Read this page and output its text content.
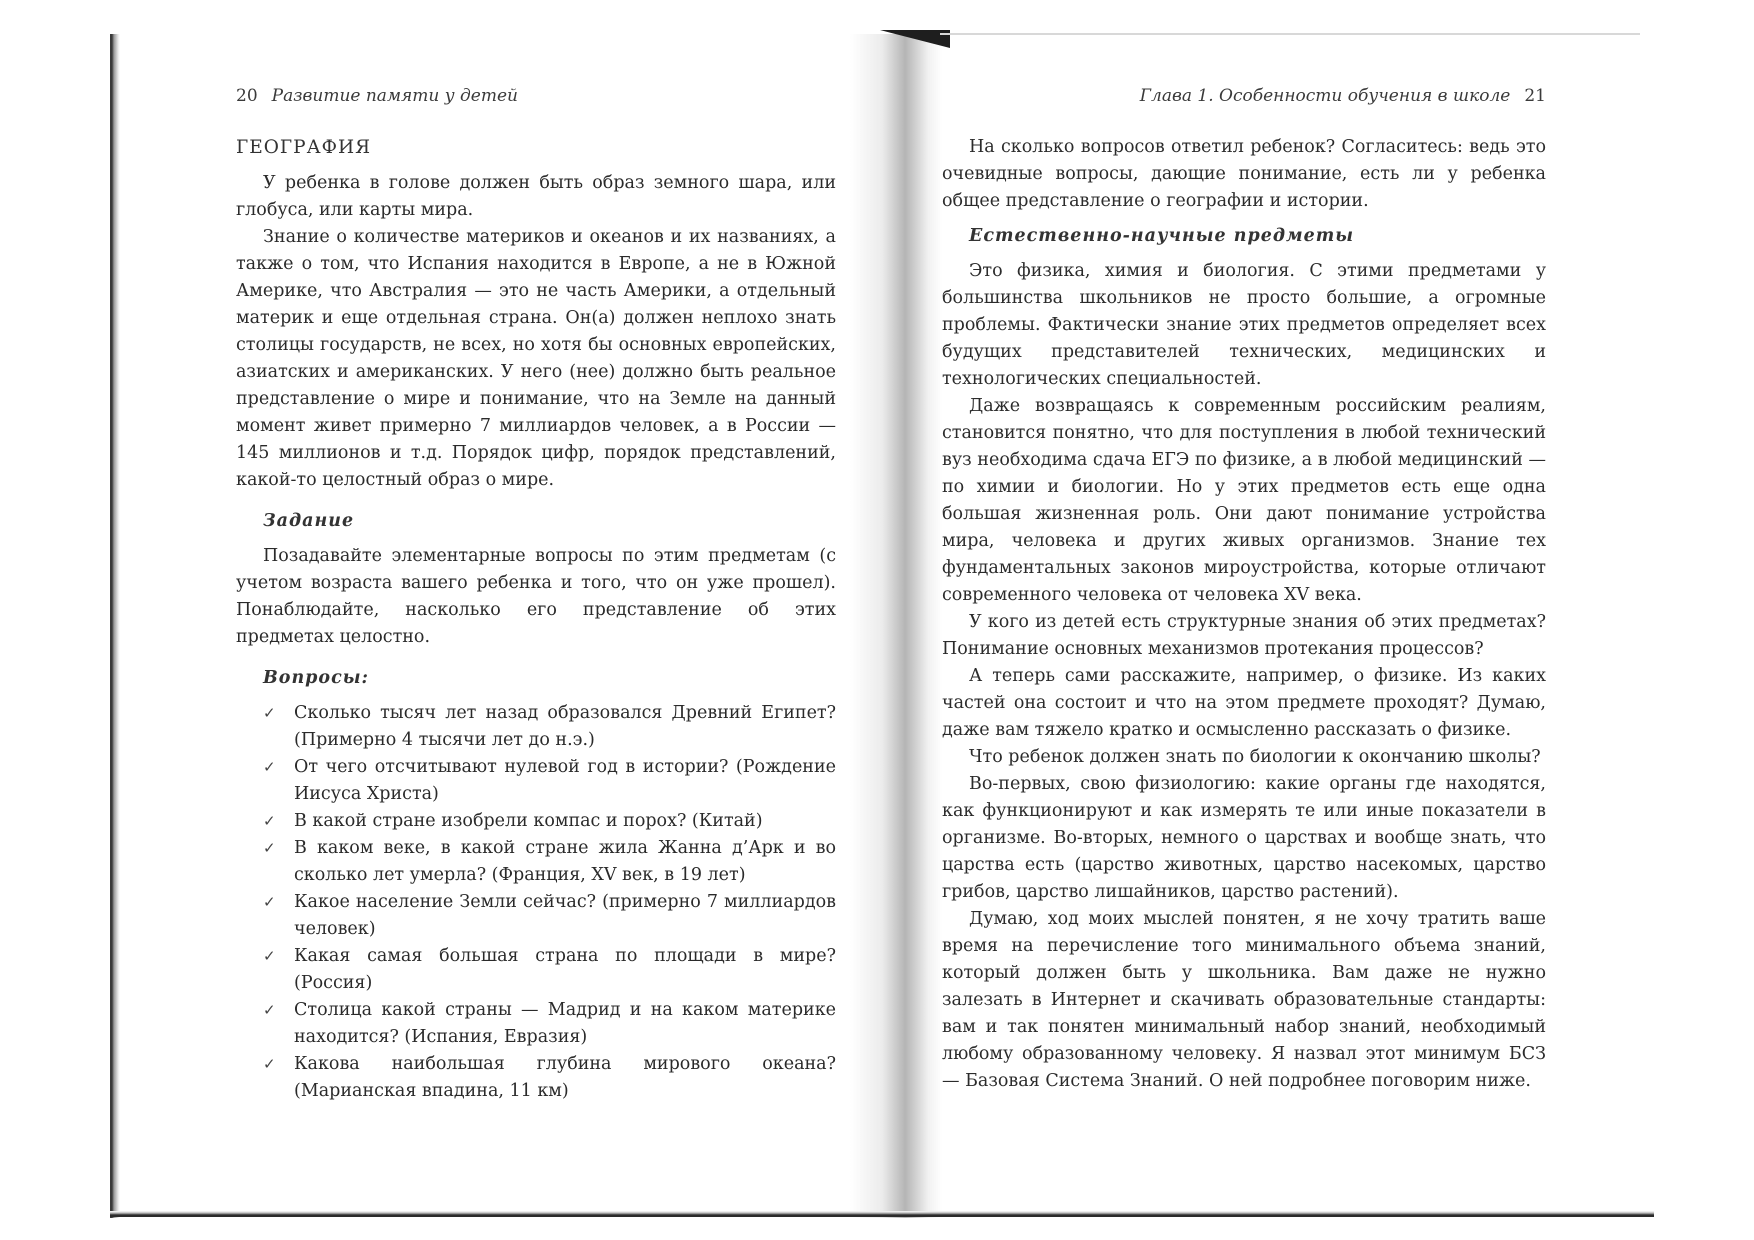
20 Развитие памяти у детей
ГЕОГРАФИЯ

У ребенка в голове должен быть образ земного шара, или глобуса, или карты мира.

Знание о количестве материков и океанов и их названиях, а также о том, что Испания находится в Европе, а не в Южной Америке, что Австралия — это не часть Америки, а отдельный материк и еще отдельная страна. Он(а) должен неплохо знать столицы государств, не всех, но хотя бы основных европейских, азиатских и американских. У него (нее) должно быть реальное представление о мире и понимание, что на Земле на данный момент живет примерно 7 миллиардов человек, а в России — 145 миллионов и т.д. Порядок цифр, порядок представлений, какой-то целостный образ о мире.

Задание

Позадавайте элементарные вопросы по этим предметам (с учетом возраста вашего ребенка и того, что он уже прошел). Понаблюдайте, насколько его представление об этих предметах целостно.

Вопросы:
✓ Сколько тысяч лет назад образовался Древний Египет? (Примерно 4 тысячи лет до н.э.)
✓ От чего отсчитывают нулевой год в истории? (Рождение Иисуса Христа)
✓ В какой стране изобрели компас и порох? (Китай)
✓ В каком веке, в какой стране жила Жанна д’Арк и во сколько лет умерла? (Франция, XV век, в 19 лет)
✓ Какое население Земли сейчас? (примерно 7 миллиардов человек)
✓ Какая самая большая страна по площади в мире? (Россия)
✓ Столица какой страны — Мадрид и на каком материке находится? (Испания, Евразия)
✓ Какова наибольшая глубина мирового океана? (Марианская впадина, 11 км)
Глава 1. Особенности обучения в школе 21

На сколько вопросов ответил ребенок? Согласитесь: ведь это очевидные вопросы, дающие понимание, есть ли у ребенка общее представление о географии и истории.

Естественно-научные предметы

Это физика, химия и биология. С этими предметами у большинства школьников не просто большие, а огромные проблемы. Фактически знание этих предметов определяет всех будущих представителей технических, медицинских и технологических специальностей.

Даже возвращаясь к современным российским реалиям, становится понятно, что для поступления в любой технический вуз необходима сдача ЕГЭ по физике, а в любой медицинский — по химии и биологии. Но у этих предметов есть еще одна большая жизненная роль. Они дают понимание устройства мира, человека и других живых организмов. Знание тех фундаментальных законов мироустройства, которые отличают современного человека от человека XV века.

У кого из детей есть структурные знания об этих предметах? Понимание основных механизмов протекания процессов?

А теперь сами расскажите, например, о физике. Из каких частей она состоит и что на этом предмете проходят? Думаю, даже вам тяжело кратко и осмысленно рассказать о физике.

Что ребенок должен знать по биологии к окончанию школы?

Во-первых, свою физиологию: какие органы где находятся, как функционируют и как измерять те или иные показатели в организме. Во-вторых, немного о царствах и вообще знать, что царства есть (царство животных, царство насекомых, царство грибов, царство лишайников, царство растений).

Думаю, ход моих мыслей понятен, я не хочу тратить ваше время на перечисление того минимального объема знаний, который должен быть у школьника. Вам даже не нужно залезать в Интернет и скачивать образовательные стандарты: вам и так понятен минимальный набор знаний, необходимый любому образованному человеку. Я назвал этот минимум БСЗ — Базовая Система Знаний. О ней подробнее поговорим ниже.
